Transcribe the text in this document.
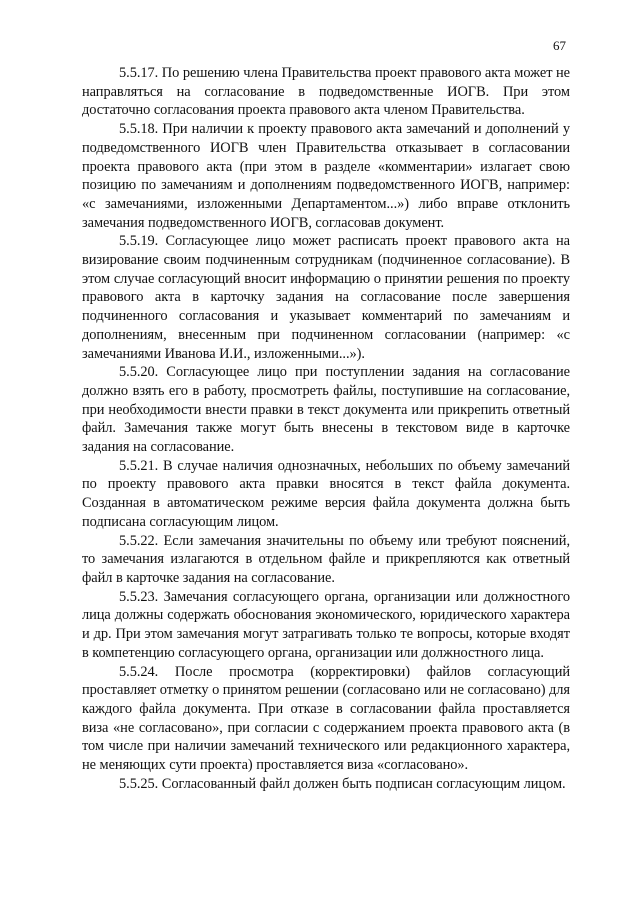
67

5.5.17. По решению члена Правительства проект правового акта может не направляться на согласование в подведомственные ИОГВ. При этом достаточно согласования проекта правового акта членом Правительства.

5.5.18. При наличии к проекту правового акта замечаний и дополнений у подведомственного ИОГВ член Правительства отказывает в согласовании проекта правового акта (при этом в разделе «комментарии» излагает свою позицию по замечаниям и дополнениям подведомственного ИОГВ, например: «с замечаниями, изложенными Департаментом...») либо вправе отклонить замечания подведомственного ИОГВ, согласовав документ.

5.5.19. Согласующее лицо может расписать проект правового акта на визирование своим подчиненным сотрудникам (подчиненное согласование). В этом случае согласующий вносит информацию о принятии решения по проекту правового акта в карточку задания на согласование после завершения подчиненного согласования и указывает комментарий по замечаниям и дополнениям, внесенным при подчиненном согласовании (например: «с замечаниями Иванова И.И., изложенными...»).

5.5.20. Согласующее лицо при поступлении задания на согласование должно взять его в работу, просмотреть файлы, поступившие на согласование, при необходимости внести правки в текст документа или прикрепить ответный файл. Замечания также могут быть внесены в текстовом виде в карточке задания на согласование.

5.5.21. В случае наличия однозначных, небольших по объему замечаний по проекту правового акта правки вносятся в текст файла документа. Созданная в автоматическом режиме версия файла документа должна быть подписана согласующим лицом.

5.5.22. Если замечания значительны по объему или требуют пояснений, то замечания излагаются в отдельном файле и прикрепляются как ответный файл в карточке задания на согласование.

5.5.23. Замечания согласующего органа, организации или должностного лица должны содержать обоснования экономического, юридического характера и др. При этом замечания могут затрагивать только те вопросы, которые входят в компетенцию согласующего органа, организации или должностного лица.

5.5.24. После просмотра (корректировки) файлов согласующий проставляет отметку о принятом решении (согласовано или не согласовано) для каждого файла документа. При отказе в согласовании файла проставляется виза «не согласовано», при согласии с содержанием проекта правового акта (в том числе при наличии замечаний технического или редакционного характера, не меняющих сути проекта) проставляется виза «согласовано».

5.5.25. Согласованный файл должен быть подписан согласующим лицом.
